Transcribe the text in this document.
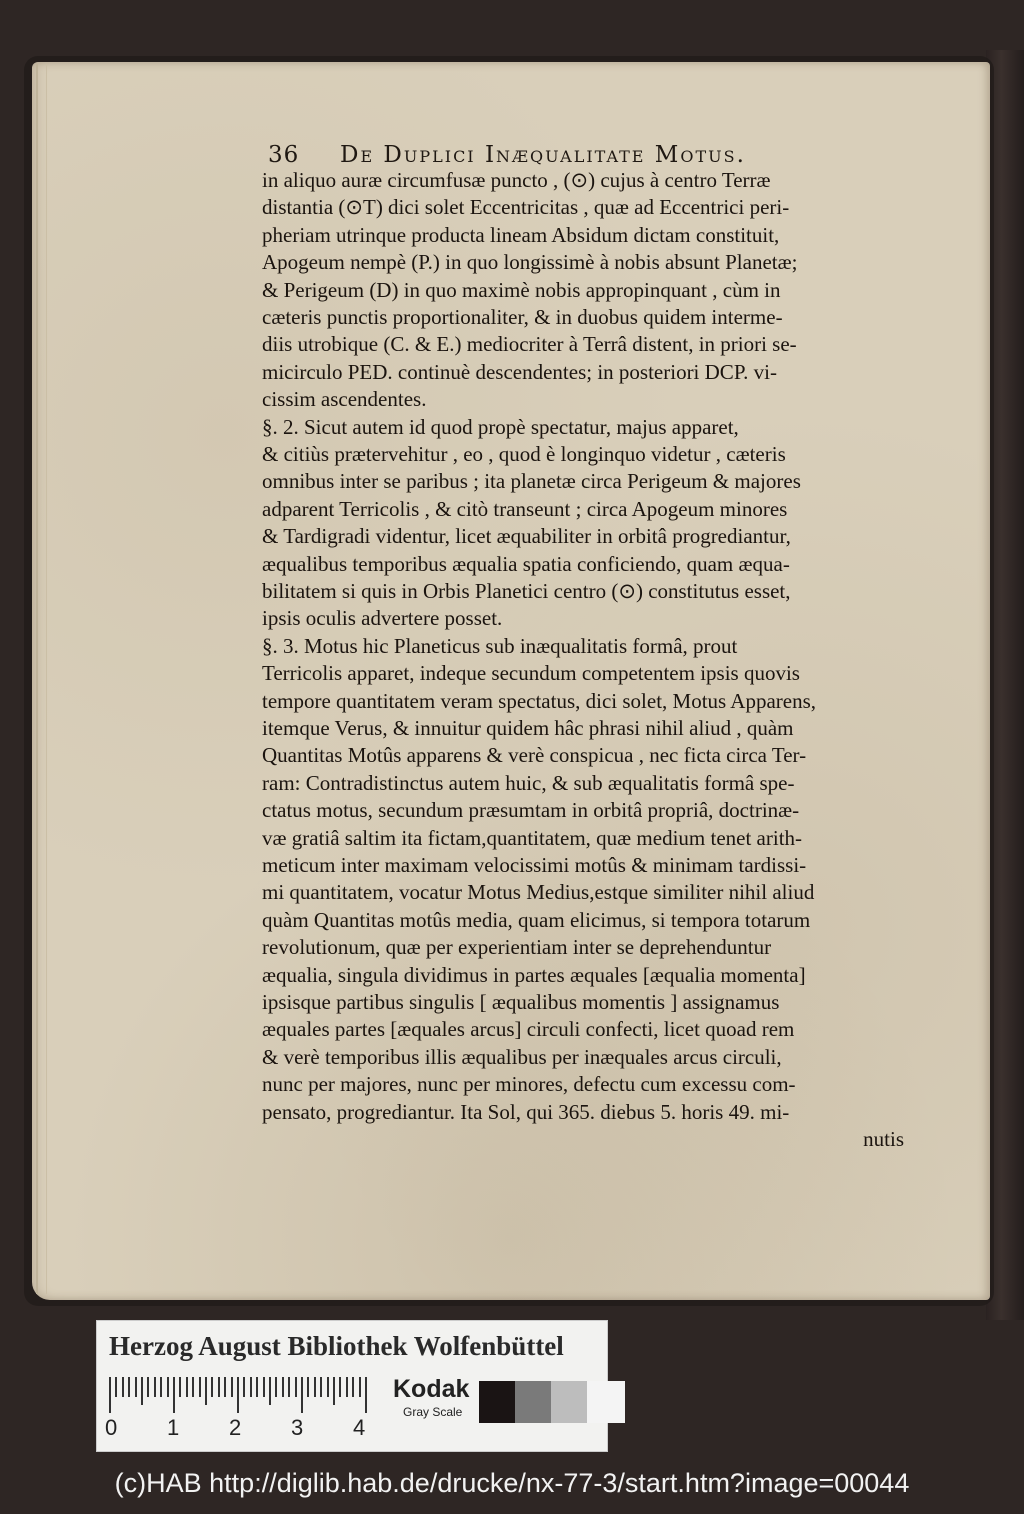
36 De Duplici Inæqualitate Motus.
in aliquo auræ circumfusæ puncto , (⊙) cujus à centro Terræ
distantia (⊙T) dici solet Eccentricitas , quæ ad Eccentrici peri-
pheriam utrinque producta lineam Absidum dictam constituit,
Apogeum nempè (P.) in quo longissimè à nobis absunt Planetæ;
& Perigeum (D) in quo maximè nobis appropinquant , cùm in
cæteris punctis proportionaliter, & in duobus quidem interme-
diis utrobique (C. & E.) mediocriter à Terrâ distent, in priori se-
micirculo PED. continuè descendentes; in posteriori DCP. vi-
cissim ascendentes.
§. 2. Sicut autem id quod propè spectatur, majus apparet,
& citiùs prætervehitur , eo , quod è longinquo videtur , cæteris
omnibus inter se paribus ; ita planetæ circa Perigeum & majores
adparent Terricolis , & citò transeunt ; circa Apogeum minores
& Tardigradi videntur, licet æquabiliter in orbitâ progrediantur,
æqualibus temporibus æqualia spatia conficiendo, quam æqua-
bilitatem si quis in Orbis Planetici centro (⊙) constitutus esset,
ipsis oculis advertere posset.
§. 3. Motus hic Planeticus sub inæqualitatis formâ, prout
Terricolis apparet, indeque secundum competentem ipsis quovis
tempore quantitatem veram spectatus, dici solet, Motus Apparens,
itemque Verus, & innuitur quidem hâc phrasi nihil aliud , quàm
Quantitas Motûs apparens & verè conspicua , nec ficta circa Ter-
ram: Contradistinctus autem huic, & sub æqualitatis formâ spe-
ctatus motus, secundum præsumtam in orbitâ propriâ, doctrinæ-
væ gratiâ saltim ita fictam,quantitatem, quæ medium tenet arith-
meticum inter maximam velocissimi motûs & minimam tardissi-
mi quantitatem, vocatur Motus Medius,estque similiter nihil aliud
quàm Quantitas motûs media, quam elicimus, si tempora totarum
revolutionum, quæ per experientiam inter se deprehenduntur
æqualia, singula dividimus in partes æquales [æqualia momenta]
ipsisque partibus singulis [ æqualibus momentis ] assignamus
æquales partes [æquales arcus] circuli confecti, licet quoad rem
& verè temporibus illis æqualibus per inæquales arcus circuli,
nunc per majores, nunc per minores, defectu cum excessu com-
pensato, progrediantur. Ita Sol, qui 365. diebus 5. horis 49. mi-
nutis
Herzog August Bibliothek Wolfenbüttel
0 1 2 3 4
Kodak
Gray Scale
(c)HAB http://diglib.hab.de/drucke/nx-77-3/start.htm?image=00044
